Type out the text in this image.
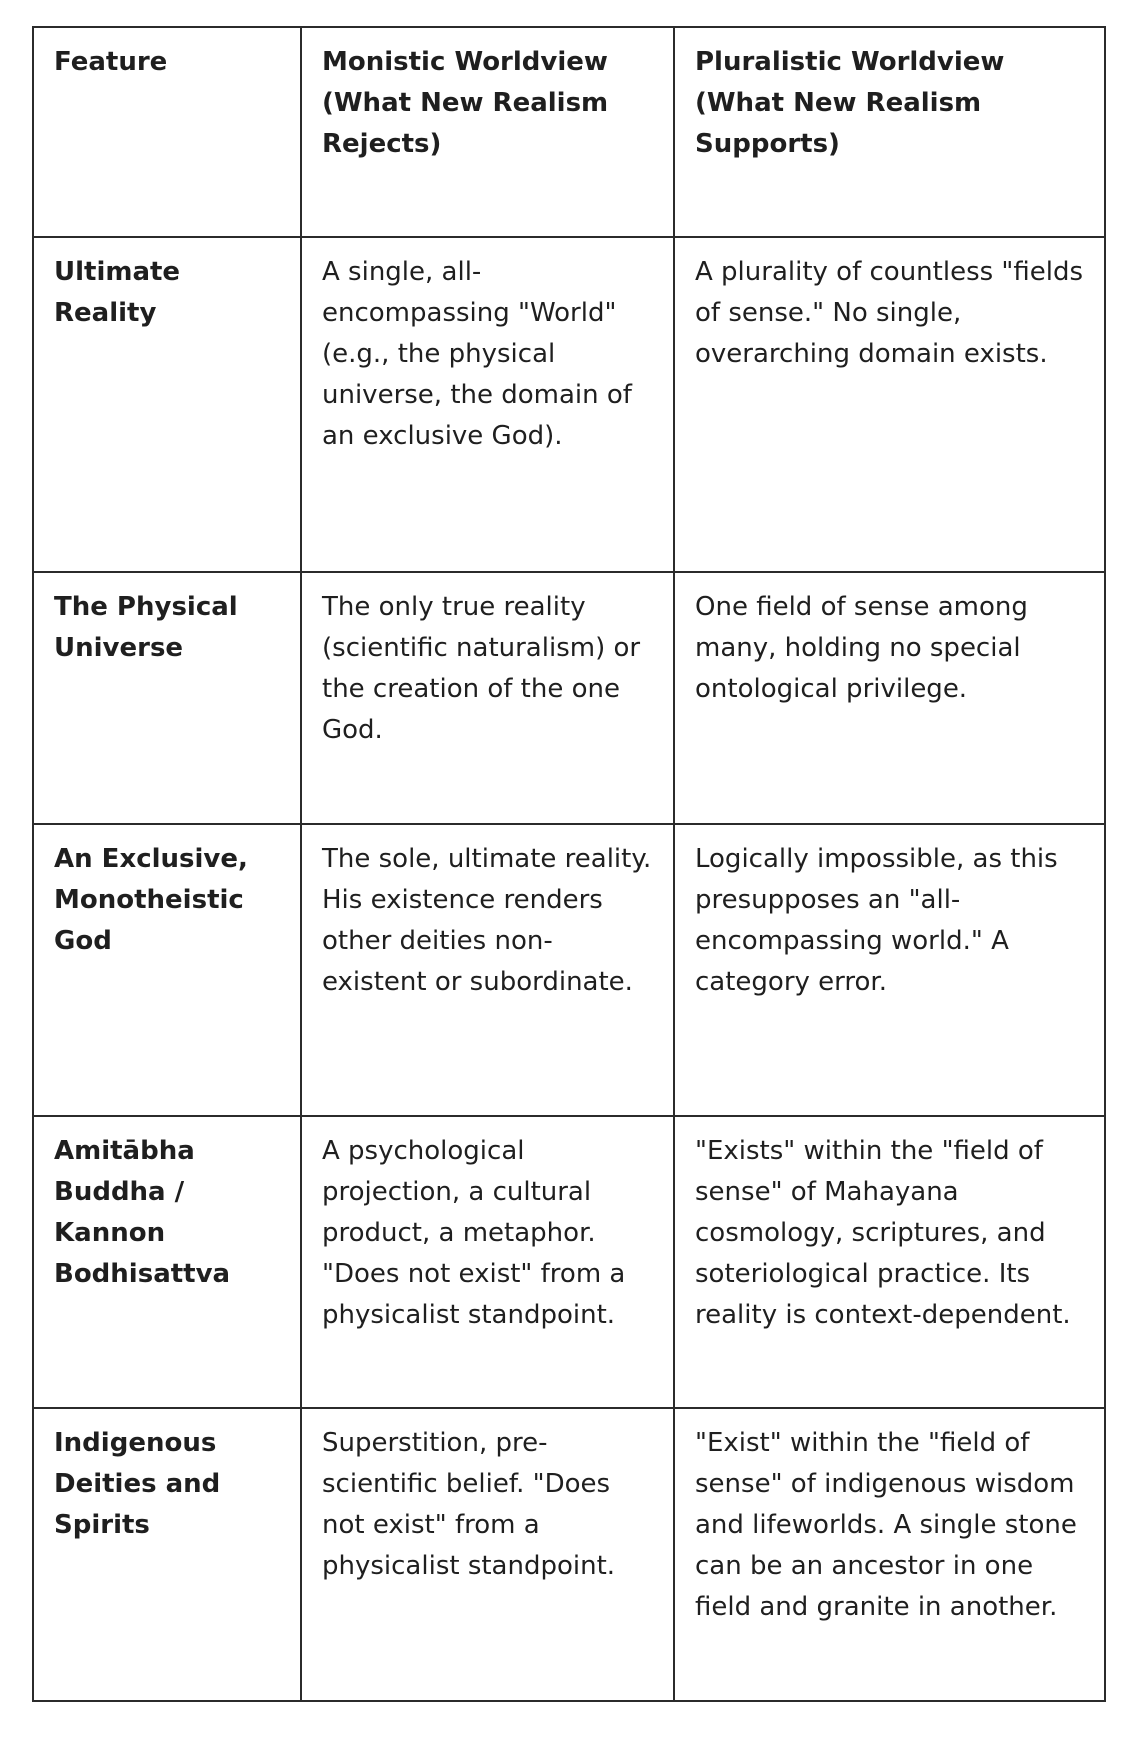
Feature	Monistic Worldview (What New Realism Rejects)	Pluralistic Worldview (What New Realism Supports)
Ultimate Reality	A single, all-encompassing "World" (e.g., the physical universe, the domain of an exclusive God).	A plurality of countless "fields of sense." No single, overarching domain exists.
The Physical Universe	The only true reality (scientific naturalism) or the creation of the one God.	One field of sense among many, holding no special ontological privilege.
An Exclusive, Monotheistic God	The sole, ultimate reality. His existence renders other deities non-existent or subordinate.	Logically impossible, as this presupposes an "all-encompassing world." A category error.
Amitābha Buddha / Kannon Bodhisattva	A psychological projection, a cultural product, a metaphor. "Does not exist" from a physicalist standpoint.	"Exists" within the "field of sense" of Mahayana cosmology, scriptures, and soteriological practice. Its reality is context-dependent.
Indigenous Deities and Spirits	Superstition, pre-scientific belief. "Does not exist" from a physicalist standpoint.	"Exist" within the "field of sense" of indigenous wisdom and lifeworlds. A single stone can be an ancestor in one field and granite in another.
